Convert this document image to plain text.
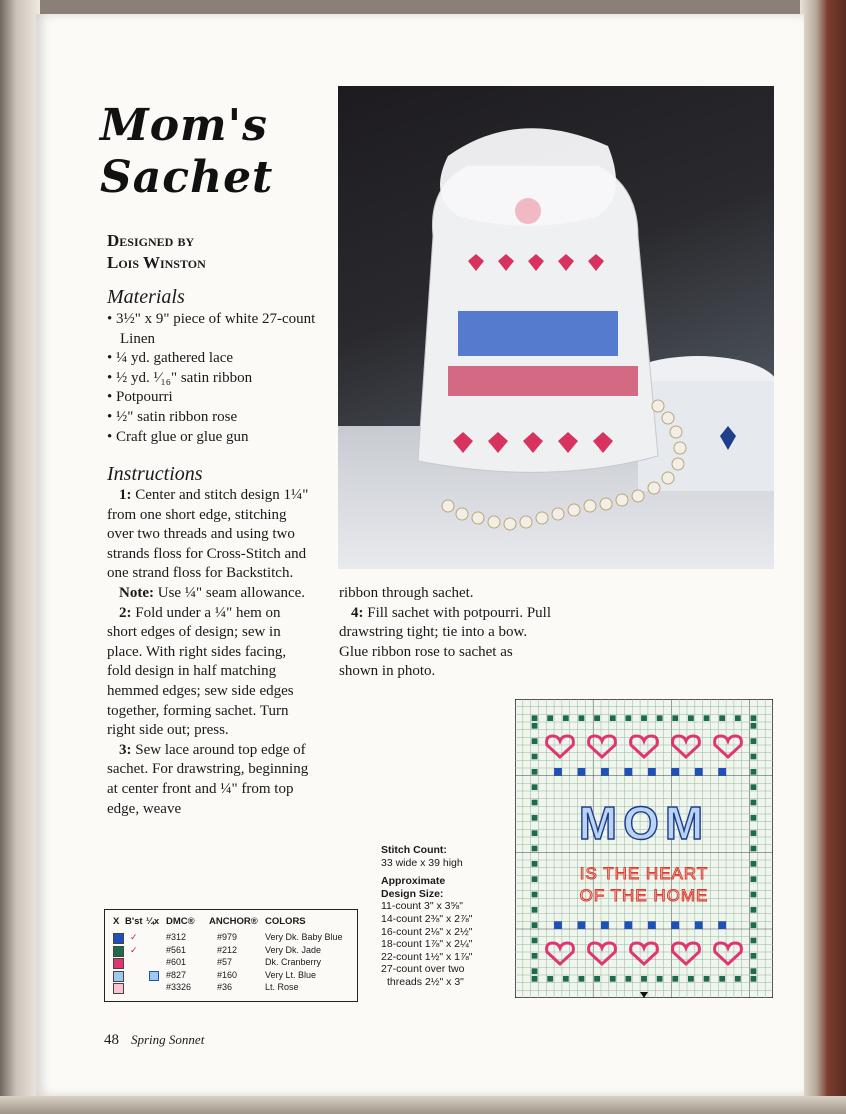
Mom's
Sachet
Designed by
Lois Winston
Materials
• 3½" x 9" piece of white 27-count Linen
• ¼ yd. gathered lace
• ½ yd. ¹⁄₁₆" satin ribbon
• Potpourri
• ½" satin ribbon rose
• Craft glue or glue gun
Instructions

1: Center and stitch design 1¼" from one short edge, stitching over two threads and using two strands floss for Cross-Stitch and one strand floss for Backstitch.

Note: Use ¼" seam allowance.

2: Fold under a ¼" hem on short edges of design; sew in place. With right sides facing, fold design in half matching hemmed edges; sew side edges together, forming sachet. Turn right side out; press.

3: Sew lace around top edge of sachet. For drawstring, beginning at center front and ¼" from top edge, weave

ribbon through sachet.

4: Fill sachet with potpourri. Pull drawstring tight; tie into a bow. Glue ribbon rose to sachet as shown in photo.

X B'st ¼x DMC® ANCHOR® COLORS
✓	#312	#979	Very Dk. Baby Blue
✓	#561	#212	Very Dk. Jade
#601	#57	Dk. Cranberry
#827	#160	Very Lt. Blue
#3326	#36	Lt. Rose
Stitch Count:
33 wide x 39 high
Approximate
Design Size:
11-count 3" x 3⅝"
14-count 2⅜" x 2⅞"
16-count 2⅛" x 2½"
18-count 1⅞" x 2¼"
22-count 1½" x 1⅞"
27-count over two
threads 2½" x 3"
IS THE HEART
OF THE HOME
MOM
48 Spring Sonnet
